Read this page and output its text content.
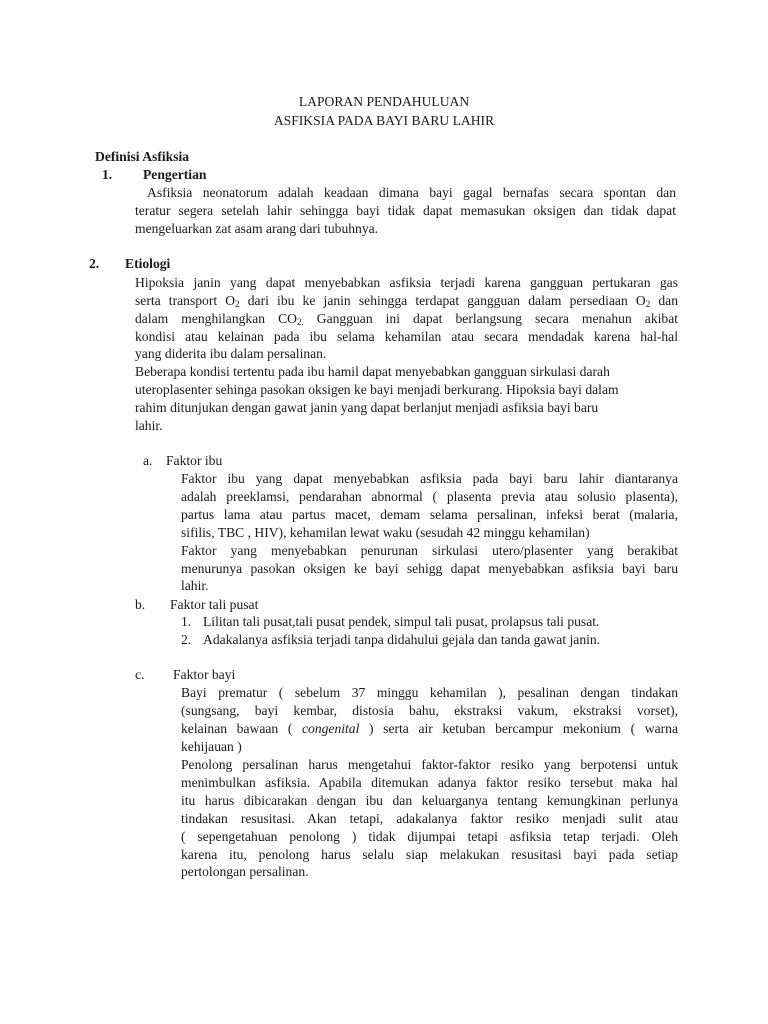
LAPORAN PENDAHULUAN

ASFIKSIA PADA BAYI BARU LAHIR

Definisi Asfiksia

1. Pengertian

Asfiksia neonatorum adalah keadaan dimana bayi gagal bernafas secara spontan dan

teratur segera setelah lahir sehingga bayi tidak dapat memasukan oksigen dan tidak dapat

mengeluarkan zat asam arang dari tubuhnya.

2. Etiologi

Hipoksia janin yang dapat menyebabkan asfiksia terjadi karena gangguan pertukaran gas

serta transport $O_2$ dari ibu ke janin sehingga terdapat gangguan dalam persediaan $O_2$ dan

dalam menghilangkan $CO_{2.}$ Gangguan ini dapat berlangsung secara menahun akibat

kondisi atau kelainan pada ibu selama kehamilan atau secara mendadak karena hal-hal

yang diderita ibu dalam persalinan.

Beberapa kondisi tertentu pada ibu hamil dapat menyebabkan gangguan sirkulasi darah

uteroplasenter sehinga pasokan oksigen ke bayi menjadi berkurang. Hipoksia bayi dalam

rahim ditunjukan dengan gawat janin yang dapat berlanjut menjadi asfiksia bayi baru

lahir.

a. Faktor ibu

Faktor ibu yang dapat menyebabkan asfiksia pada bayi baru lahir diantaranya

adalah preeklamsi, pendarahan abnormal ( plasenta previa atau solusio plasenta),

partus lama atau partus macet, demam selama persalinan, infeksi berat (malaria,

sifilis, TBC , HIV), kehamilan lewat waku (sesudah 42 minggu kehamilan)

Faktor yang menyebabkan penurunan sirkulasi utero/plasenter yang berakibat

menurunya pasokan oksigen ke bayi sehigg dapat menyebabkan asfiksia bayi baru

lahir.

b. Faktor tali pusat

1. Lilitan tali pusat,tali pusat pendek, simpul tali pusat, prolapsus tali pusat.

2. Adakalanya asfiksia terjadi tanpa didahului gejala dan tanda gawat janin.

c. Faktor bayi

Bayi prematur ( sebelum 37 minggu kehamilan ), pesalinan dengan tindakan

(sungsang, bayi kembar, distosia bahu, ekstraksi vakum, ekstraksi vorset),

kelainan bawaan ( congenital ) serta air ketuban bercampur mekonium ( warna

kehijauan )

Penolong persalinan harus mengetahui faktor-faktor resiko yang berpotensi untuk

menimbulkan asfiksia. Apabila ditemukan adanya faktor resiko tersebut maka hal

itu harus dibicarakan dengan ibu dan keluarganya tentang kemungkinan perlunya

tindakan resusitasi. Akan tetapi, adakalanya faktor resiko menjadi sulit atau

( sepengetahuan penolong ) tidak dijumpai tetapi asfiksia tetap terjadi. Oleh

karena itu, penolong harus selalu siap melakukan resusitasi bayi pada setiap

pertolongan persalinan.
